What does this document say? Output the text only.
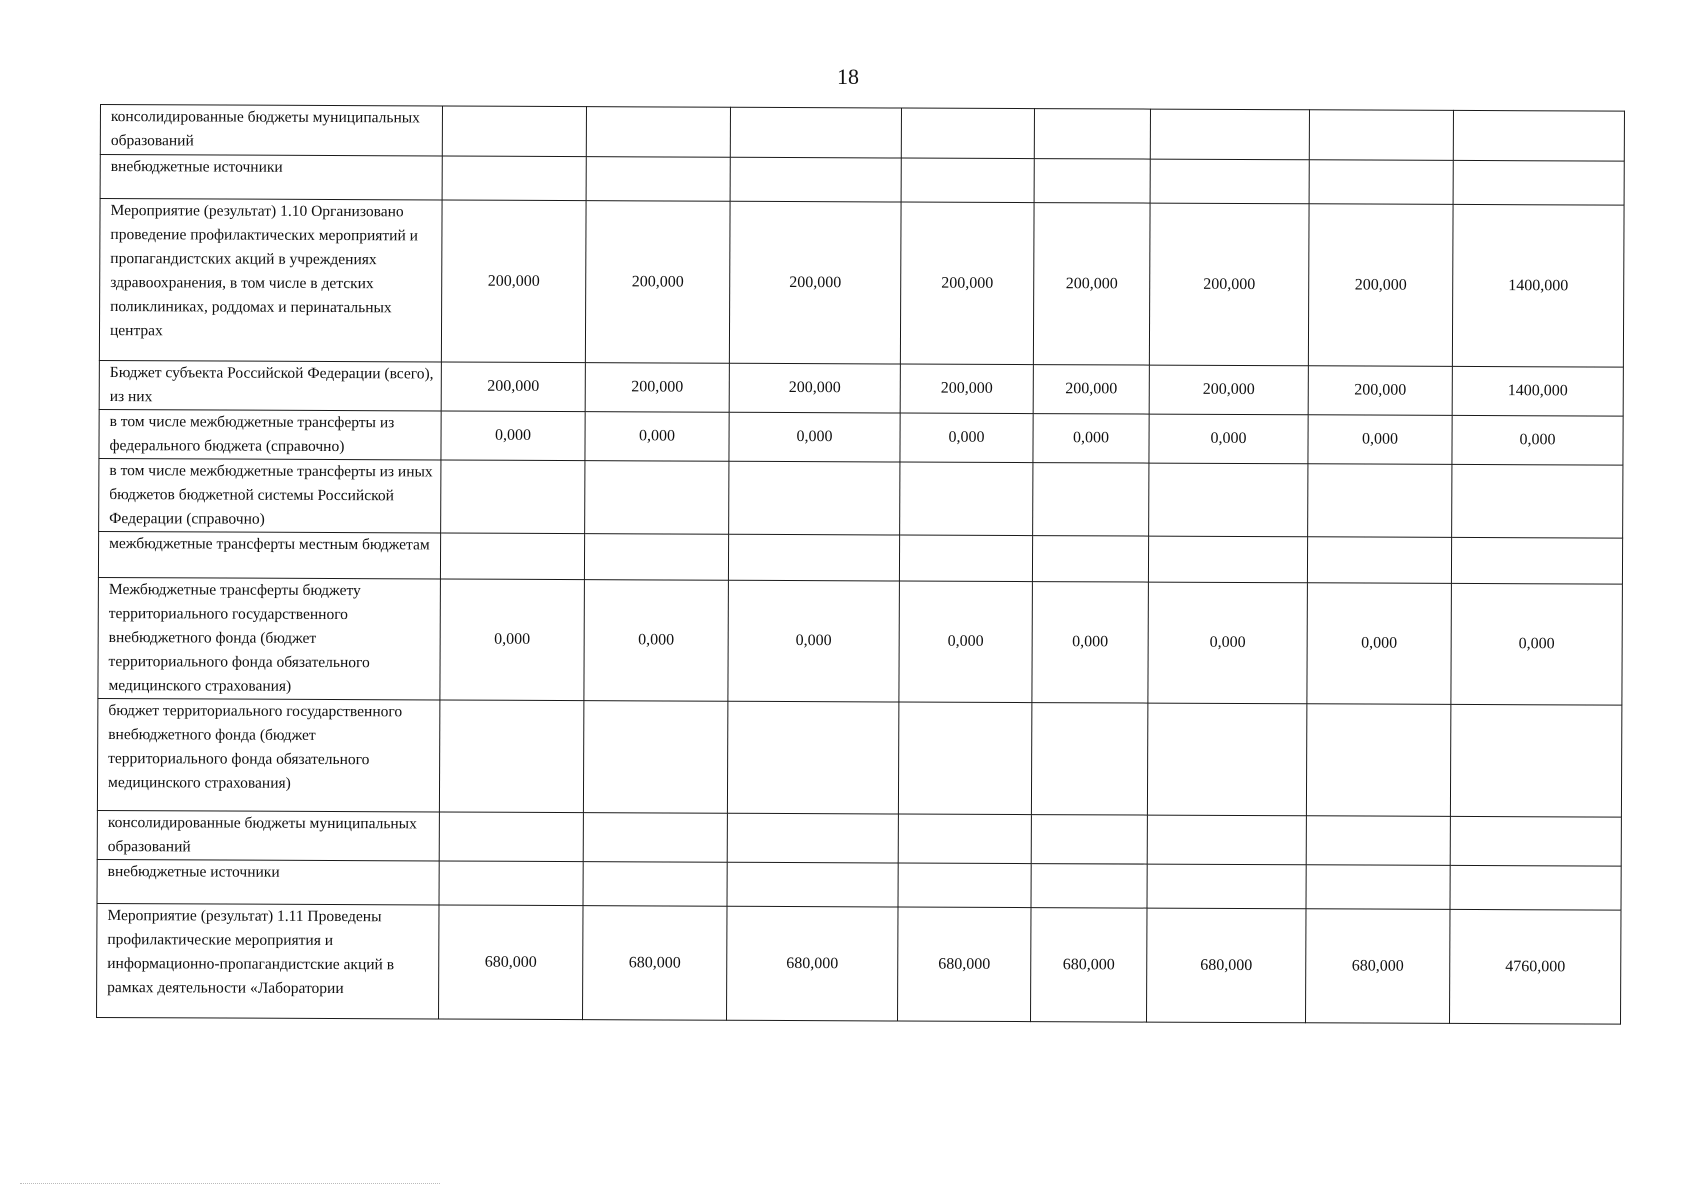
18
консолидированные бюджеты муниципальных образований								
внебюджетные источники								
Мероприятие (результат) 1.10 Организовано проведение профилактических мероприятий и пропагандистских акций в учреждениях здравоохранения, в том числе в детских поликлиниках, роддомах и перинатальных центрах	200,000	200,000	200,000	200,000	200,000	200,000	200,000	1400,000
Бюджет субъекта Российской Федерации (всего), из них	200,000	200,000	200,000	200,000	200,000	200,000	200,000	1400,000
в том числе межбюджетные трансферты из федерального бюджета (справочно)	0,000	0,000	0,000	0,000	0,000	0,000	0,000	0,000
в том числе межбюджетные трансферты из иных бюджетов бюджетной системы Российской Федерации (справочно)								
межбюджетные трансферты местным бюджетам								
Межбюджетные трансферты бюджету территориального государственного внебюджетного фонда (бюджет территориального фонда обязательного медицинского страхования)	0,000	0,000	0,000	0,000	0,000	0,000	0,000	0,000
бюджет территориального государственного внебюджетного фонда (бюджет территориального фонда обязательного медицинского страхования)								
консолидированные бюджеты муниципальных образований								
внебюджетные источники								
Мероприятие (результат) 1.11 Проведены профилактические мероприятия и информационно-пропагандистские акций в рамках деятельности «Лаборатории	680,000	680,000	680,000	680,000	680,000	680,000	680,000	4760,000
